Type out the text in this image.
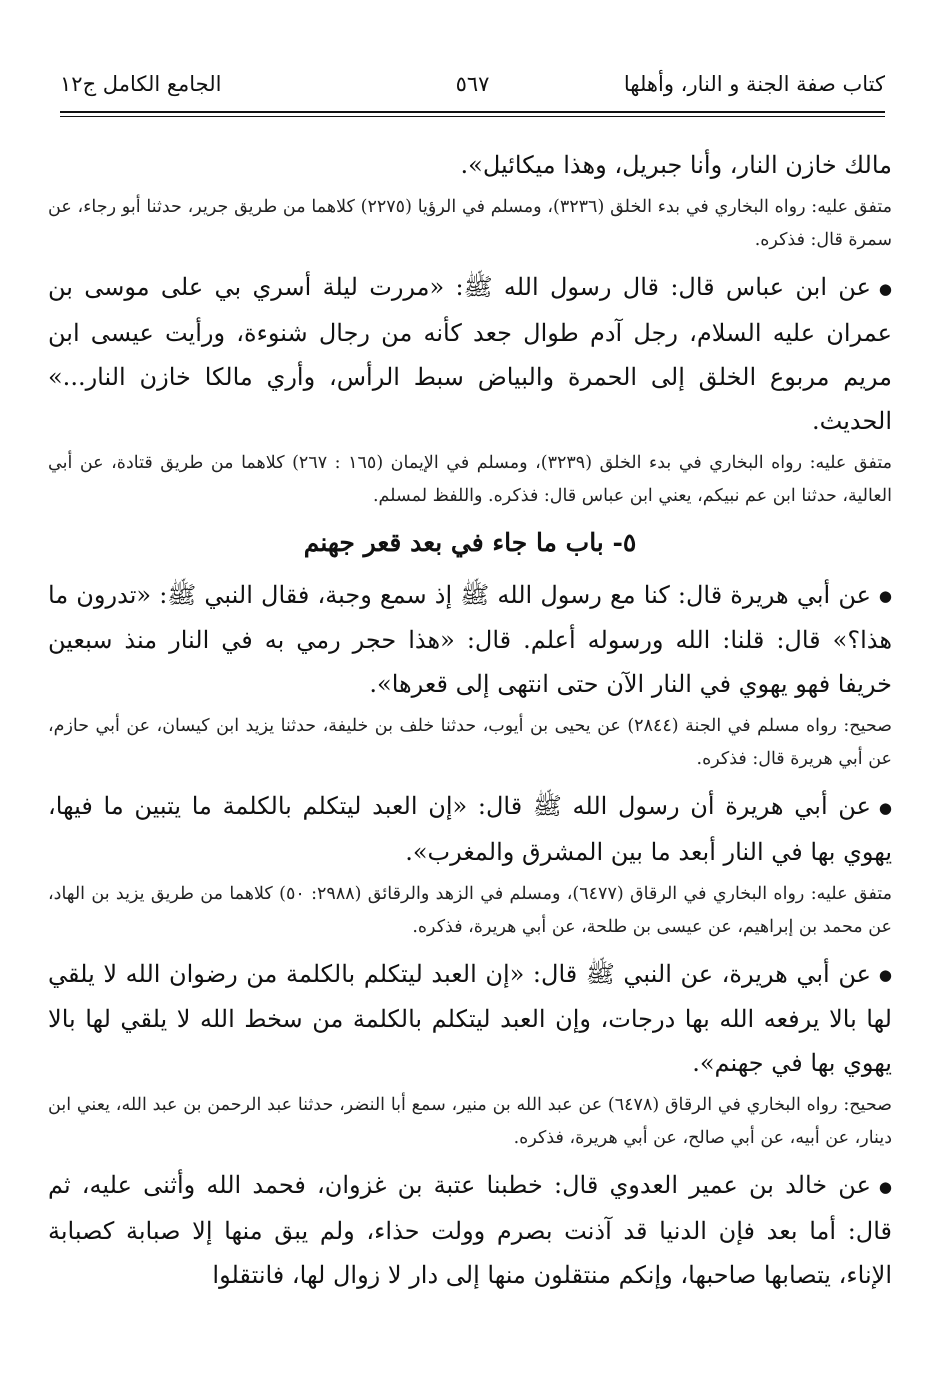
كتاب صفة الجنة و النار، وأهلها
٥٦٧
الجامع الكامل ج١٢

مالك خازن النار، وأنا جبريل، وهذا ميكائيل».

متفق عليه: رواه البخاري في بدء الخلق (٣٢٣٦)، ومسلم في الرؤيا (٢٢٧٥) كلاهما من طريق جرير، حدثنا أبو رجاء، عن سمرة قال: فذكره.

●عن ابن عباس قال: قال رسول الله ﷺ: «مررت ليلة أسري بي على موسى بن عمران عليه السلام، رجل آدم طوال جعد كأنه من رجال شنوءة، ورأيت عيسى ابن مريم مربوع الخلق إلى الحمرة والبياض سبط الرأس، وأري مالكا خازن النار...» الحديث.

متفق عليه: رواه البخاري في بدء الخلق (٣٢٣٩)، ومسلم في الإيمان (١٦٥ : ٢٦٧) كلاهما من طريق قتادة، عن أبي العالية، حدثنا ابن عم نبيكم، يعني ابن عباس قال: فذكره. واللفظ لمسلم.

٥- باب ما جاء في بعد قعر جهنم

●عن أبي هريرة قال: كنا مع رسول الله ﷺ إذ سمع وجبة، فقال النبي ﷺ: «تدرون ما هذا؟» قال: قلنا: الله ورسوله أعلم. قال: «هذا حجر رمي به في النار منذ سبعين خريفا فهو يهوي في النار الآن حتى انتهى إلى قعرها».

صحيح: رواه مسلم في الجنة (٢٨٤٤) عن يحيى بن أيوب، حدثنا خلف بن خليفة، حدثنا يزيد ابن كيسان، عن أبي حازم، عن أبي هريرة قال: فذكره.

●عن أبي هريرة أن رسول الله ﷺ قال: «إن العبد ليتكلم بالكلمة ما يتبين ما فيها، يهوي بها في النار أبعد ما بين المشرق والمغرب».

متفق عليه: رواه البخاري في الرقاق (٦٤٧٧)، ومسلم في الزهد والرقائق (٢٩٨٨: ٥٠) كلاهما من طريق يزيد بن الهاد، عن محمد بن إبراهيم، عن عيسى بن طلحة، عن أبي هريرة، فذكره.

●عن أبي هريرة، عن النبي ﷺ قال: «إن العبد ليتكلم بالكلمة من رضوان الله لا يلقي لها بالا يرفعه الله بها درجات، وإن العبد ليتكلم بالكلمة من سخط الله لا يلقي لها بالا يهوي بها في جهنم».

صحيح: رواه البخاري في الرقاق (٦٤٧٨) عن عبد الله بن منير، سمع أبا النضر، حدثنا عبد الرحمن بن عبد الله، يعني ابن دينار، عن أبيه، عن أبي صالح، عن أبي هريرة، فذكره.

●عن خالد بن عمير العدوي قال: خطبنا عتبة بن غزوان، فحمد الله وأثنى عليه، ثم قال: أما بعد فإن الدنيا قد آذنت بصرم وولت حذاء، ولم يبق منها إلا صبابة كصبابة الإناء، يتصابها صاحبها، وإنكم منتقلون منها إلى دار لا زوال لها، فانتقلوا
